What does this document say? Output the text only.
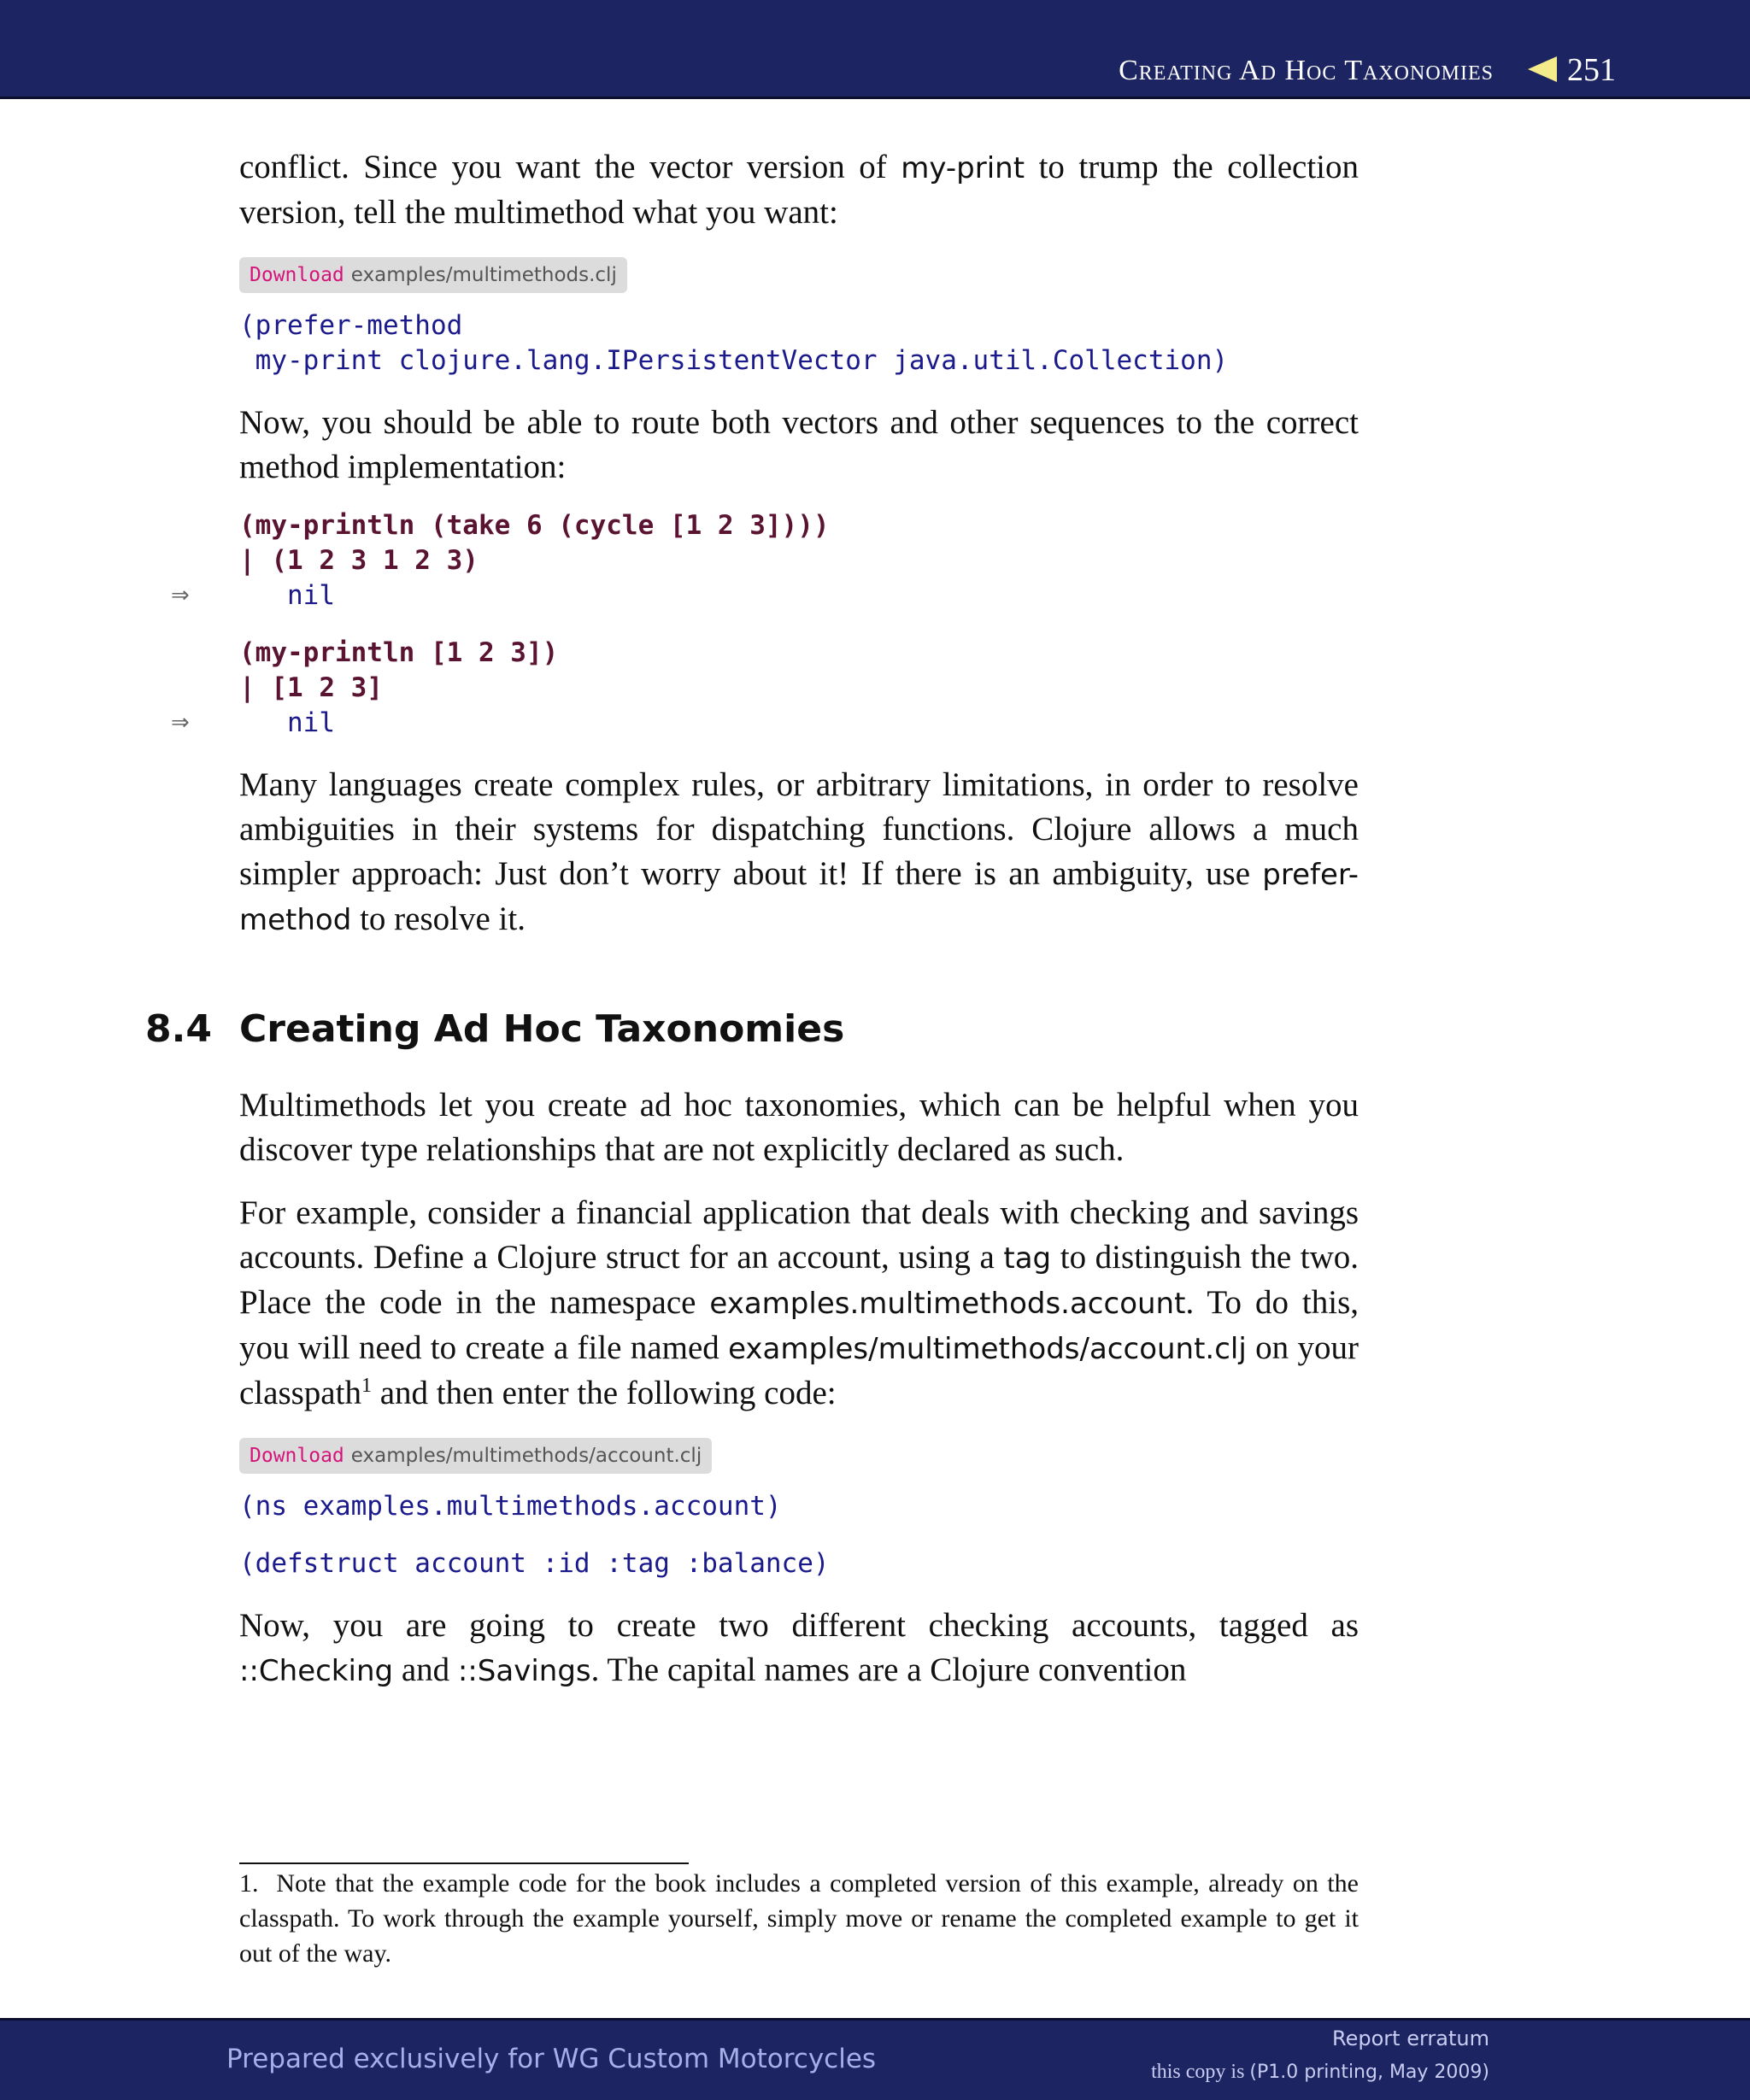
Creating Ad Hoc Taxonomies 251

conflict. Since you want the vector version of my-print to trump the collection version, tell the multimethod what you want:

Download examples/multimethods.clj
(prefer-method
my-print clojure.lang.IPersistentVector java.util.Collection)

Now, you should be able to route both vectors and other sequences to the correct method implementation:

(my-println (take 6 (cycle [1 2 3])))
| (1 2 3 1 2 3)

⇒ nil
(my-println [1 2 3])
| [1 2 3]

⇒ nil

Many languages create complex rules, or arbitrary limitations, in order to resolve ambiguities in their systems for dispatching functions. Clojure allows a much simpler approach: Just don’t worry about it! If there is an ambiguity, use prefer-method to resolve it.

8.4 Creating Ad Hoc Taxonomies

Multimethods let you create ad hoc taxonomies, which can be helpful when you discover type relationships that are not explicitly declared as such.

For example, consider a financial application that deals with checking and savings accounts. Define a Clojure struct for an account, using a tag to distinguish the two. Place the code in the namespace examples.multimethods.account. To do this, you will need to create a file named examples/multimethods/account.clj on your classpath$^1$ and then enter the following code:

Download examples/multimethods/account.clj
(ns examples.multimethods.account)
(defstruct account :id :tag :balance)

Now, you are going to create two different checking accounts, tagged as ::Checking and ::Savings. The capital names are a Clojure convention

1. Note that the example code for the book includes a completed version of this example, already on the classpath. To work through the example yourself, simply move or rename the completed example to get it out of the way.
Prepared exclusively for WG Custom Motorcycles
Report erratum
this copy is (P1.0 printing, May 2009)
